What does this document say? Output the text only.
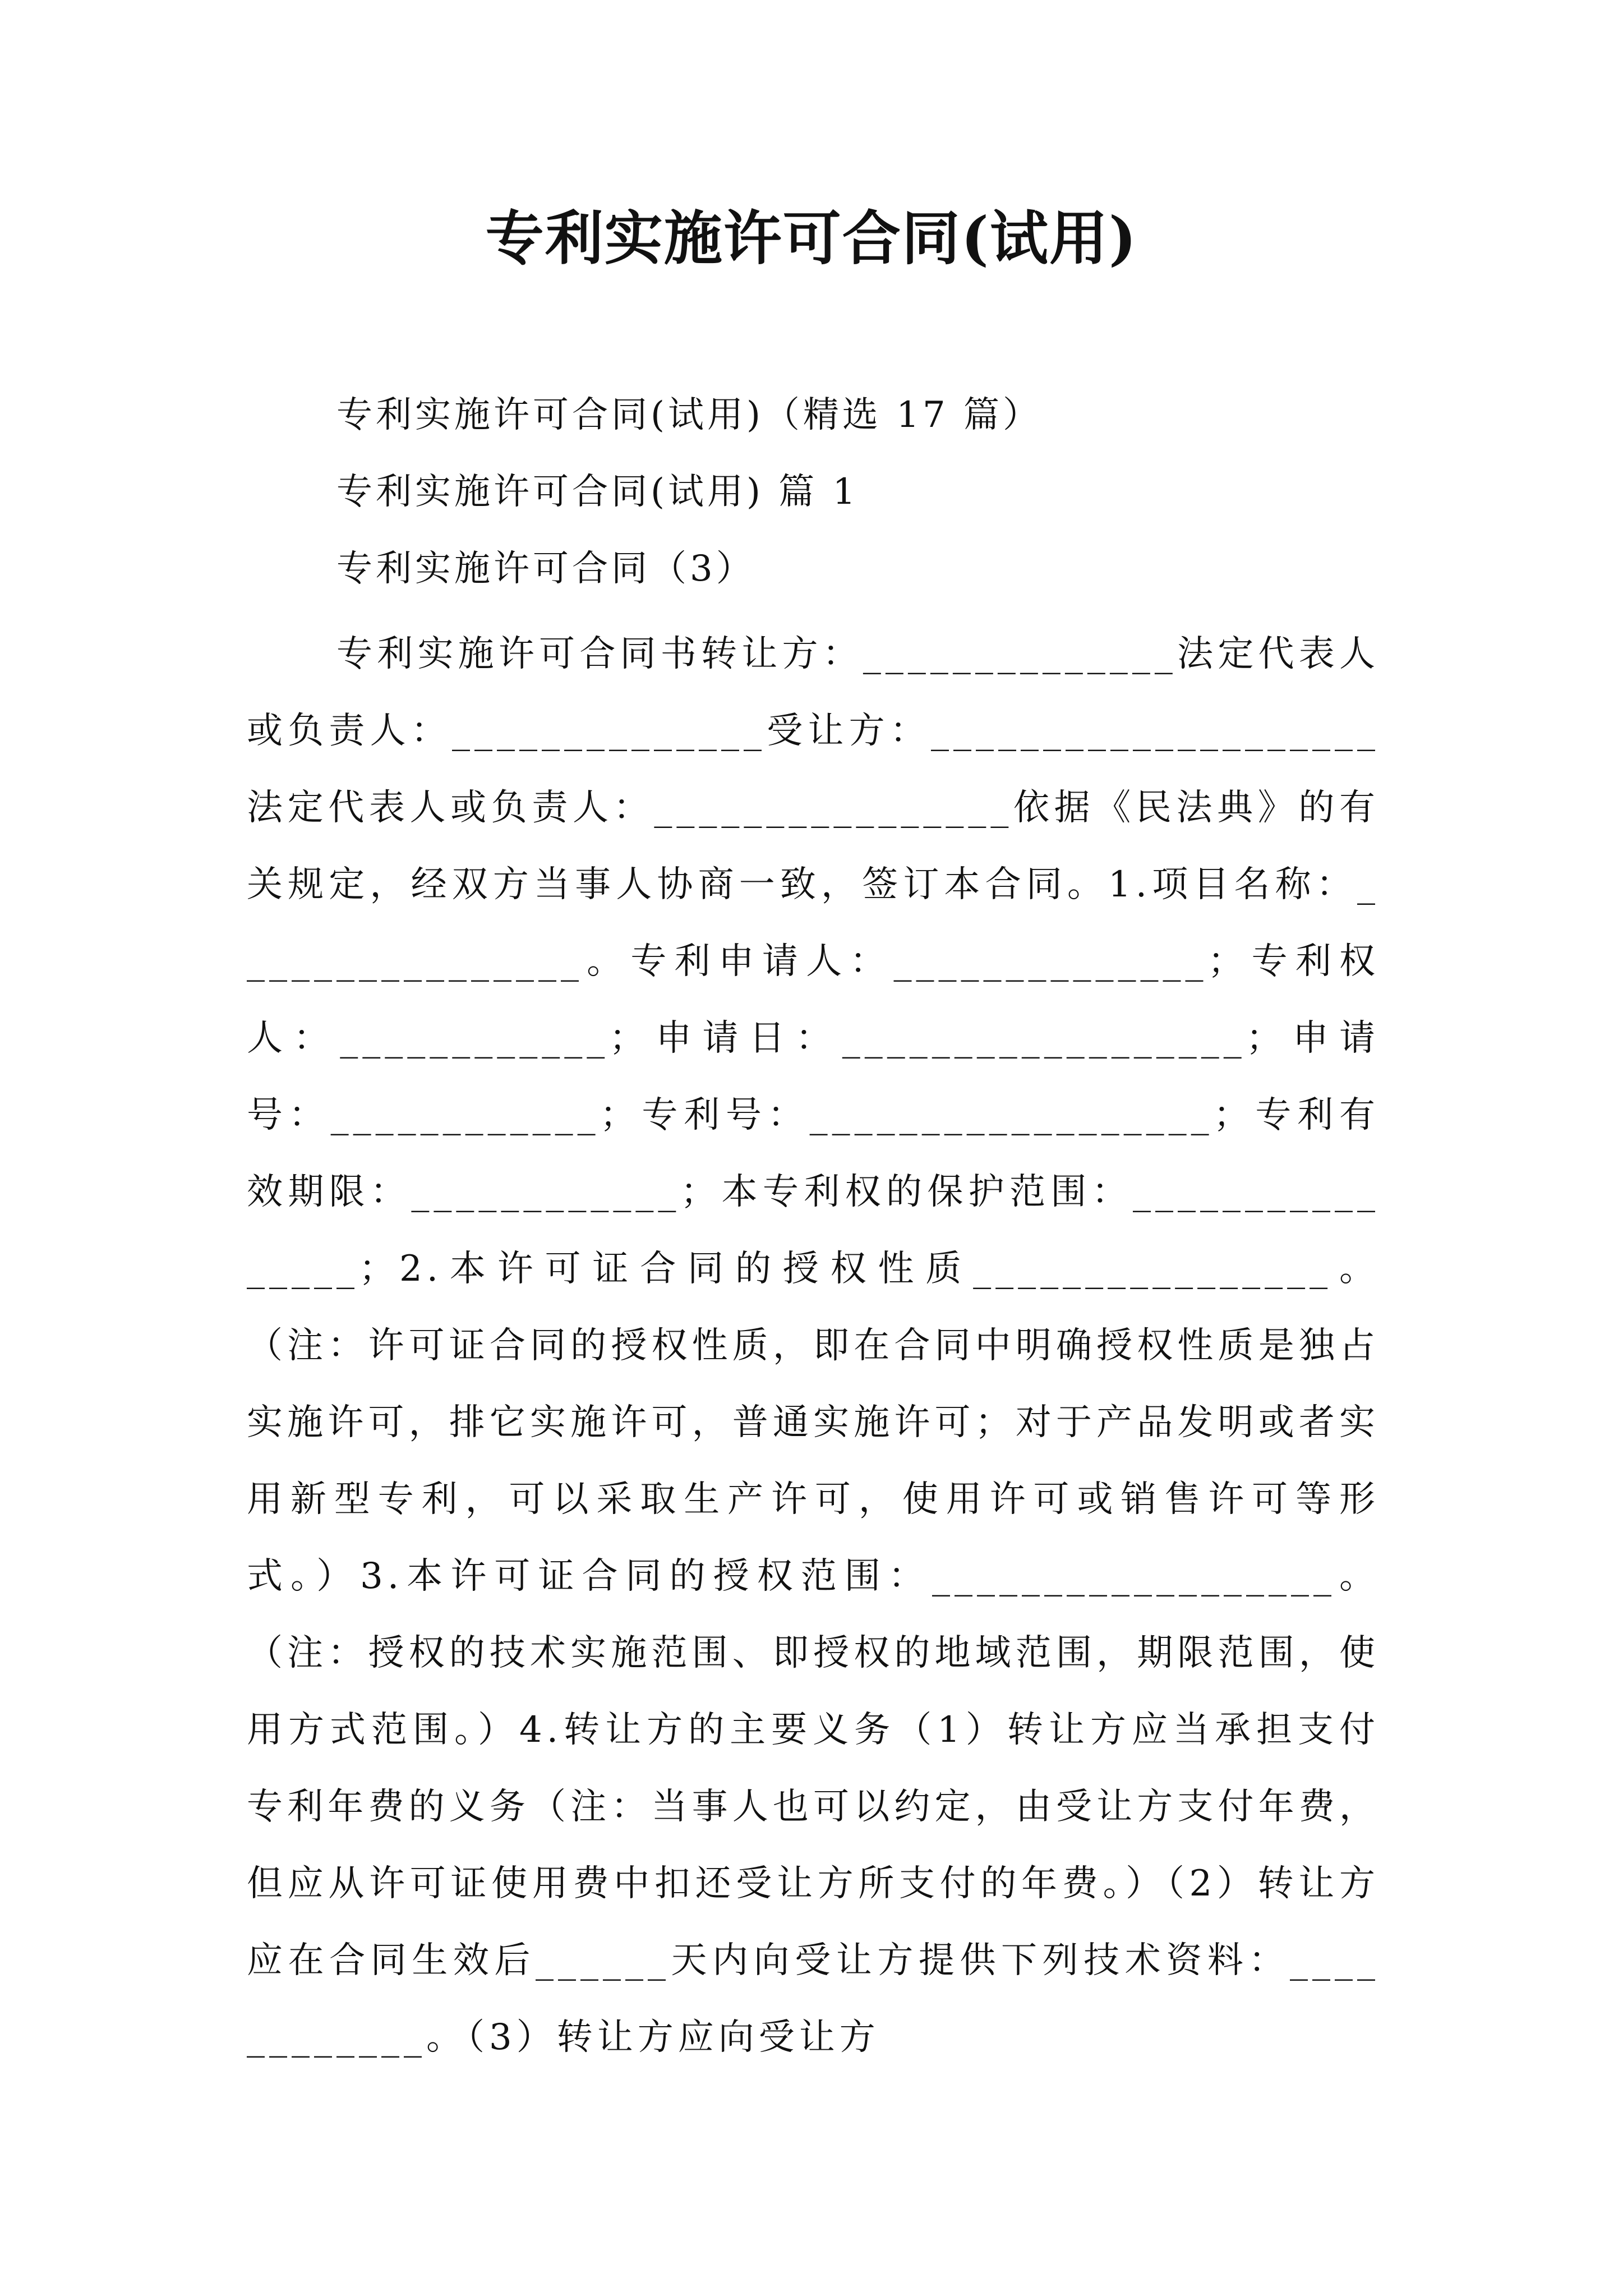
专利实施许可合同(试用)

专利实施许可合同(试用)（精选 17 篇）

专利实施许可合同(试用) 篇 1

专利实施许可合同（3）

专利实施许可合同书转让方：______________法定代表人或负责人：______________受让方：____________________法定代表人或负责人：________________依据《民法典》的有关规定，经双方当事人协商一致，签订本合同。1.项目名称：________________。专利申请人：______________；专利权人：____________；申请日：__________________；申请号：____________；专利号：__________________；专利有效期限：____________；本专利权的保护范围：________________；2.本许可证合同的授权性质________________。（注：许可证合同的授权性质，即在合同中明确授权性质是独占实施许可，排它实施许可，普通实施许可；对于产品发明或者实用新型专利，可以采取生产许可，使用许可或销售许可等形式。）3.本许可证合同的授权范围：__________________。（注：授权的技术实施范围、即授权的地域范围，期限范围，使用方式范围。）4.转让方的主要义务（1）转让方应当承担支付专利年费的义务（注：当事人也可以约定，由受让方支付年费，但应从许可证使用费中扣还受让方所支付的年费。）（2）转让方应在合同生效后______天内向受让方提供下列技术资料：____________。（3）转让方应向受让方
